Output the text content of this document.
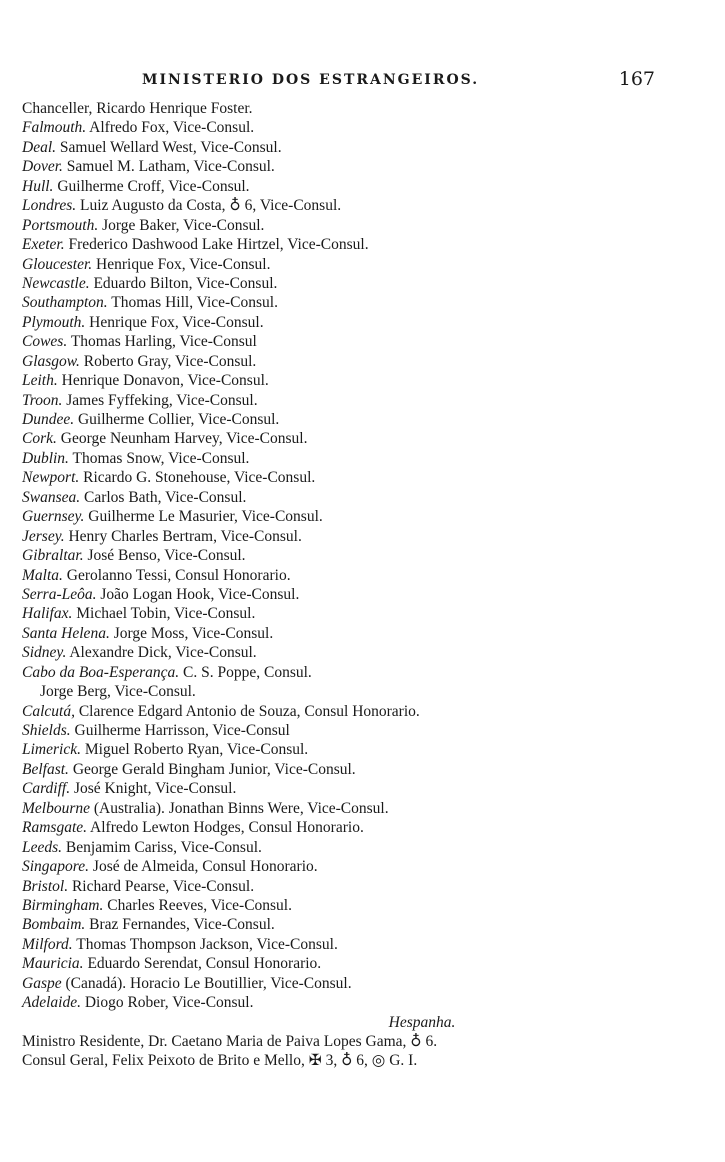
MINISTERIO DOS ESTRANGEIROS.	167
Chanceller, Ricardo Henrique Foster.
Falmouth. Alfredo Fox, Vice-Consul.
Deal. Samuel Wellard West, Vice-Consul.
Dover. Samuel M. Latham, Vice-Consul.
Hull. Guilherme Croff, Vice-Consul.
Londres. Luiz Augusto da Costa, ♁ 6, Vice-Consul.
Portsmouth. Jorge Baker, Vice-Consul.
Exeter. Frederico Dashwood Lake Hirtzel, Vice-Consul.
Gloucester. Henrique Fox, Vice-Consul.
Newcastle. Eduardo Bilton, Vice-Consul.
Southampton. Thomas Hill, Vice-Consul.
Plymouth. Henrique Fox, Vice-Consul.
Cowes. Thomas Harling, Vice-Consul
Glasgow. Roberto Gray, Vice-Consul.
Leith. Henrique Donavon, Vice-Consul.
Troon. James Fyffeking, Vice-Consul.
Dundee. Guilherme Collier, Vice-Consul.
Cork. George Neunham Harvey, Vice-Consul.
Dublin. Thomas Snow, Vice-Consul.
Newport. Ricardo G. Stonehouse, Vice-Consul.
Swansea. Carlos Bath, Vice-Consul.
Guernsey. Guilherme Le Masurier, Vice-Consul.
Jersey. Henry Charles Bertram, Vice-Consul.
Gibraltar. José Benso, Vice-Consul.
Malta. Gerolanno Tessi, Consul Honorario.
Serra-Leôa. João Logan Hook, Vice-Consul.
Halifax. Michael Tobin, Vice-Consul.
Santa Helena. Jorge Moss, Vice-Consul.
Sidney. Alexandre Dick, Vice-Consul.
Cabo da Boa-Esperança. C. S. Poppe, Consul.
Jorge Berg, Vice-Consul.
Calcutá, Clarence Edgard Antonio de Souza, Consul Honorario.
Shields. Guilherme Harrisson, Vice-Consul
Limerick. Miguel Roberto Ryan, Vice-Consul.
Belfast. George Gerald Bingham Junior, Vice-Consul.
Cardiff. José Knight, Vice-Consul.
Melbourne (Australia). Jonathan Binns Were, Vice-Consul.
Ramsgate. Alfredo Lewton Hodges, Consul Honorario.
Leeds. Benjamim Cariss, Vice-Consul.
Singapore. José de Almeida, Consul Honorario.
Bristol. Richard Pearse, Vice-Consul.
Birmingham. Charles Reeves, Vice-Consul.
Bombaim. Braz Fernandes, Vice-Consul.
Milford. Thomas Thompson Jackson, Vice-Consul.
Mauricia. Eduardo Serendat, Consul Honorario.
Gaspe (Canadá). Horacio Le Boutillier, Vice-Consul.
Adelaide. Diogo Rober, Vice-Consul.
Hespanha.
Ministro Residente, Dr. Caetano Maria de Paiva Lopes Gama, ♁ 6.
Consul Geral, Felix Peixoto de Brito e Mello, ✠ 3, ♁ 6, ◎ G. I.
